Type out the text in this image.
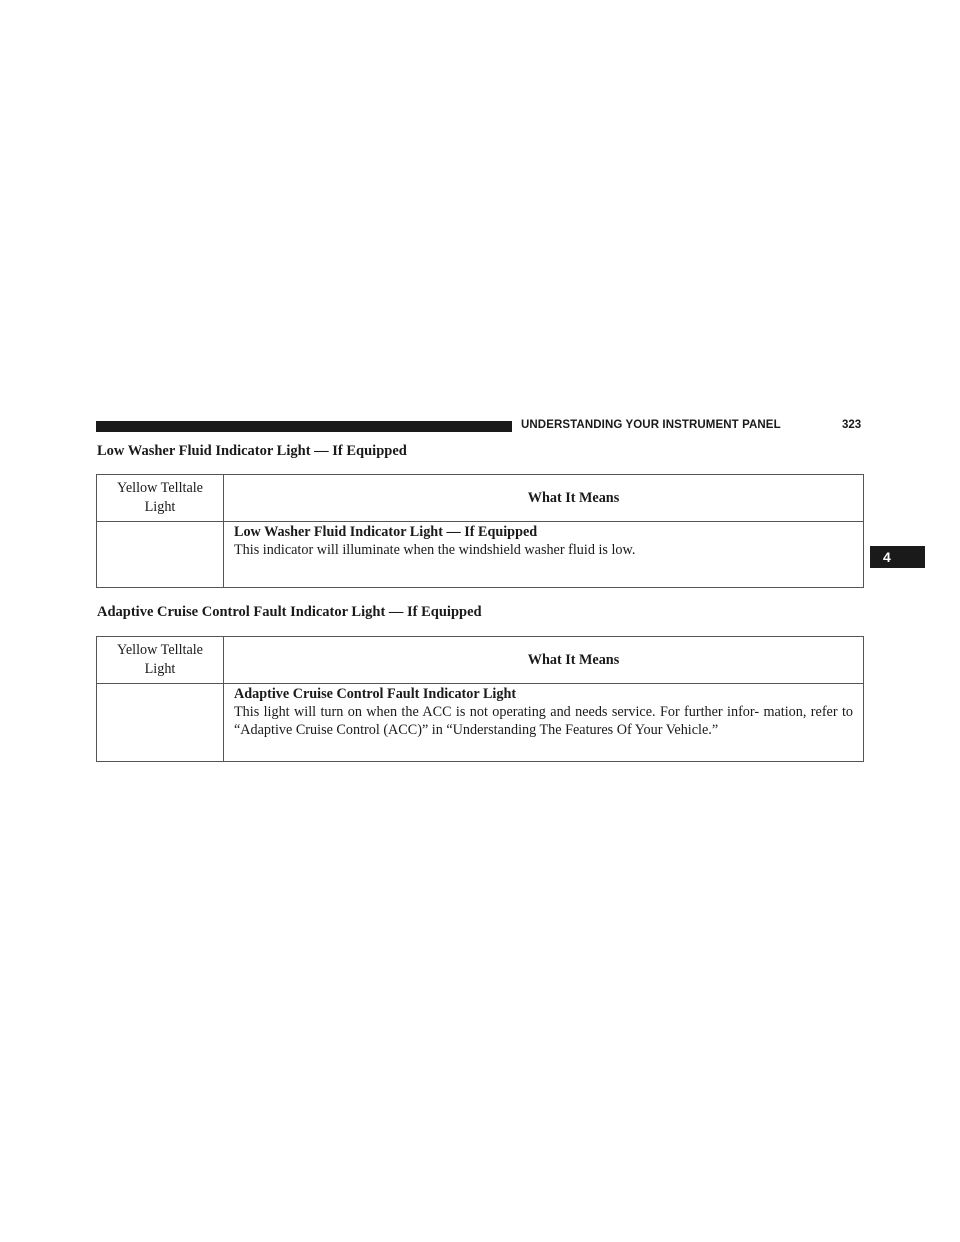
UNDERSTANDING YOUR INSTRUMENT PANEL	323
4
Low Washer Fluid Indicator Light — If Equipped
Yellow Telltale
Light	What It Means

	Low Washer Fluid Indicator Light — If Equipped
This indicator will illuminate when the windshield washer fluid is low.
Adaptive Cruise Control Fault Indicator Light — If Equipped
Yellow Telltale
Light	What It Means

	Adaptive Cruise Control Fault Indicator Light
This light will turn on when the ACC is not operating and needs service. For further infor- mation, refer to “Adaptive Cruise Control (ACC)” in “Understanding The Features Of Your Vehicle.”
